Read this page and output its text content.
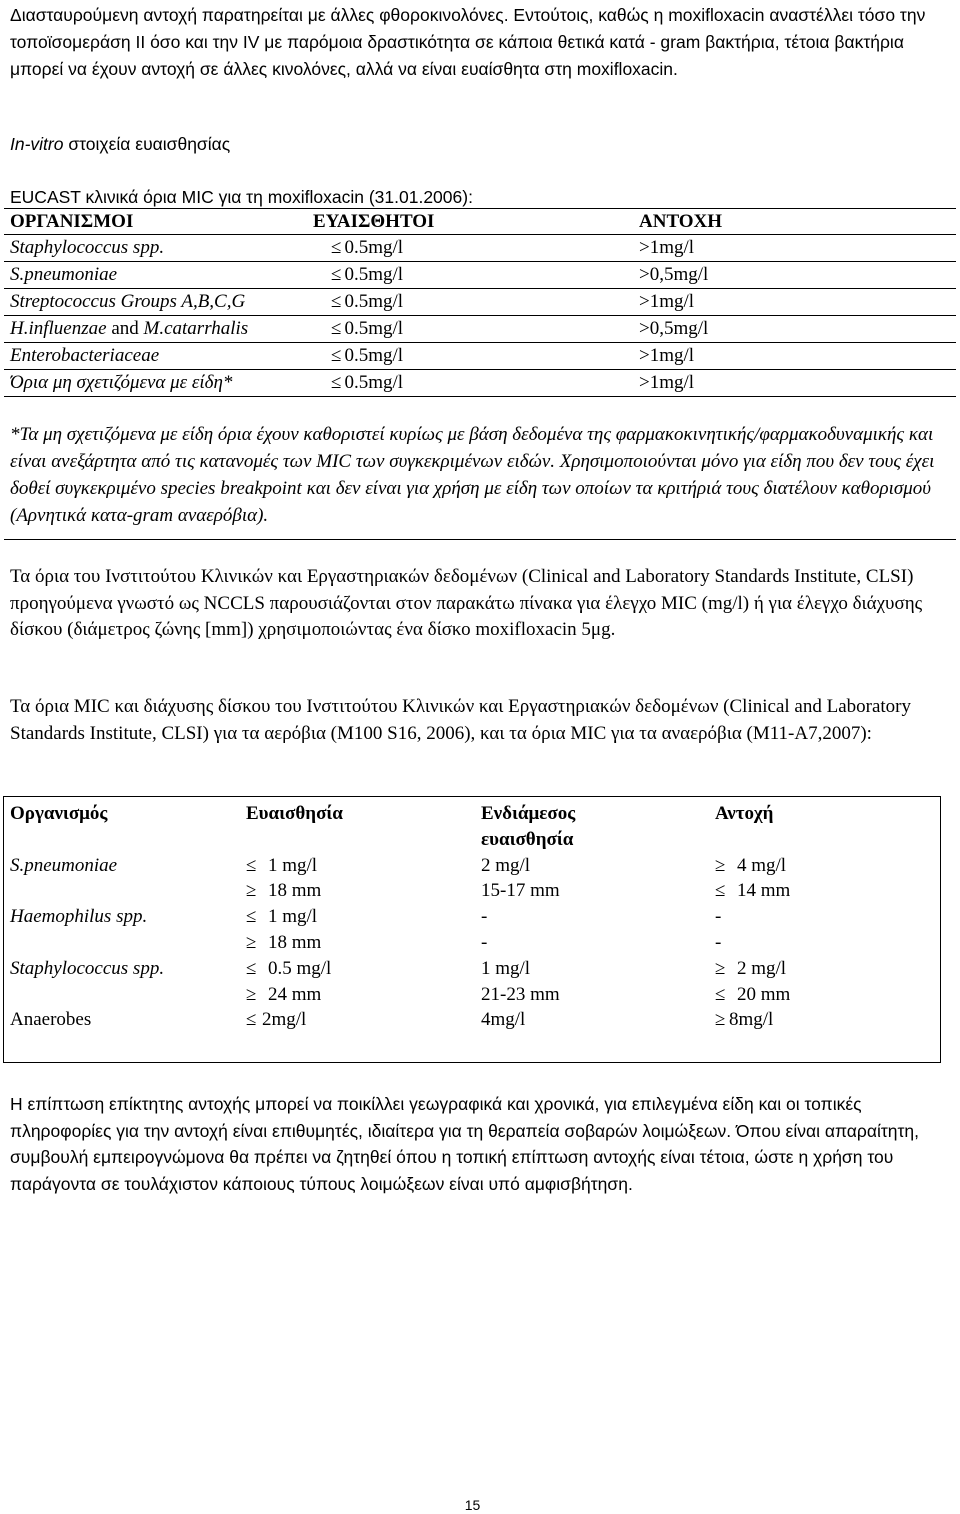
Διασταυρούμενη αντοχή παρατηρείται με άλλες φθοροκινολόνες. Εντούτοις, καθώς η moxifloxacin αναστέλλει τόσο την τοποϊσομεράση ΙΙ όσο και την IV με παρόμοια δραστικότητα σε κάποια θετικά κατά - gram βακτήρια, τέτοια βακτήρια μπορεί να έχουν αντοχή σε άλλες κινολόνες, αλλά να είναι ευαίσθητα στη moxifloxacin.

In-vitro στοιχεία ευαισθησίας

EUCAST κλινικά όρια MIC για τη moxifloxacin (31.01.2006):

ΟΡΓΑΝΙΣΜΟΙ	ΕΥΑΙΣΘΗΤΟΙ	ΑΝΤΟΧΗ
Staphylococcus spp.	≤ 0.5mg/l	>1mg/l
S.pneumoniae	≤ 0.5mg/l	>0,5mg/l
Streptococcus Groups A,B,C,G	≤ 0.5mg/l	>1mg/l
H.influenzae and M.catarrhalis	≤ 0.5mg/l	>0,5mg/l
Enterobacteriaceae	≤ 0.5mg/l	>1mg/l
Όρια μη σχετιζόμενα με είδη*	≤ 0.5mg/l	>1mg/l

*Τα μη σχετιζόμενα με είδη όρια έχουν καθοριστεί κυρίως με βάση δεδομένα της φαρμακοκινητικής/φαρμακοδυναμικής και είναι ανεξάρτητα από τις κατανομές των MIC των συγκεκριμένων ειδών. Χρησιμοποιούνται μόνο για είδη που δεν τους έχει δοθεί συγκεκριμένο species breakpoint και δεν είναι για χρήση με είδη των οποίων τα κριτήριά τους διατέλουν καθορισμού (Αρνητικά κατα-gram αναερόβια).

Τα όρια του Ινστιτούτου Κλινικών και Εργαστηριακών δεδομένων (Clinical and Laboratory Standards Institute, CLSI) προηγούμενα γνωστό ως NCCLS παρουσιάζονται στον παρακάτω πίνακα για έλεγχο MIC (mg/l) ή για έλεγχο διάχυσης δίσκου (διάμετρος ζώνης [mm]) χρησιμοποιώντας ένα δίσκο moxifloxacin 5μg.

Τα όρια MIC και διάχυσης δίσκου του Ινστιτούτου Κλινικών και Εργαστηριακών δεδομένων (Clinical and Laboratory Standards Institute, CLSI) για τα αερόβια (M100 S16, 2006), και τα όρια MIC για τα αναερόβια (M11-A7,2007):

Οργανισμός	Ευαισθησία	Ενδιάμεσος	Αντοχή
		ευαισθησία	
S.pneumoniae	≤ 1 mg/l	2 mg/l	≥ 4 mg/l
	≥ 18 mm	15-17 mm	≤ 14 mm
Haemophilus spp.	≤ 1 mg/l	-	-
	≥ 18 mm	-	-
Staphylococcus spp.	≤ 0.5 mg/l	1 mg/l	≥ 2 mg/l
	≥ 24 mm	21-23 mm	≤ 20 mm
Anaerobes	≤ 2mg/l	4mg/l	≥ 8mg/l

Η επίπτωση επίκτητης αντοχής μπορεί να ποικίλλει γεωγραφικά και χρονικά, για επιλεγμένα είδη και οι τοπικές πληροφορίες για την αντοχή είναι επιθυμητές, ιδιαίτερα για τη θεραπεία σοβαρών λοιμώξεων. Όπου είναι απαραίτητη, συμβουλή εμπειρογνώμονα θα πρέπει να ζητηθεί όπου η τοπική επίπτωση αντοχής είναι τέτοια, ώστε η χρήση του παράγοντα σε τουλάχιστον κάποιους τύπους λοιμώξεων είναι υπό αμφισβήτηση.

15
